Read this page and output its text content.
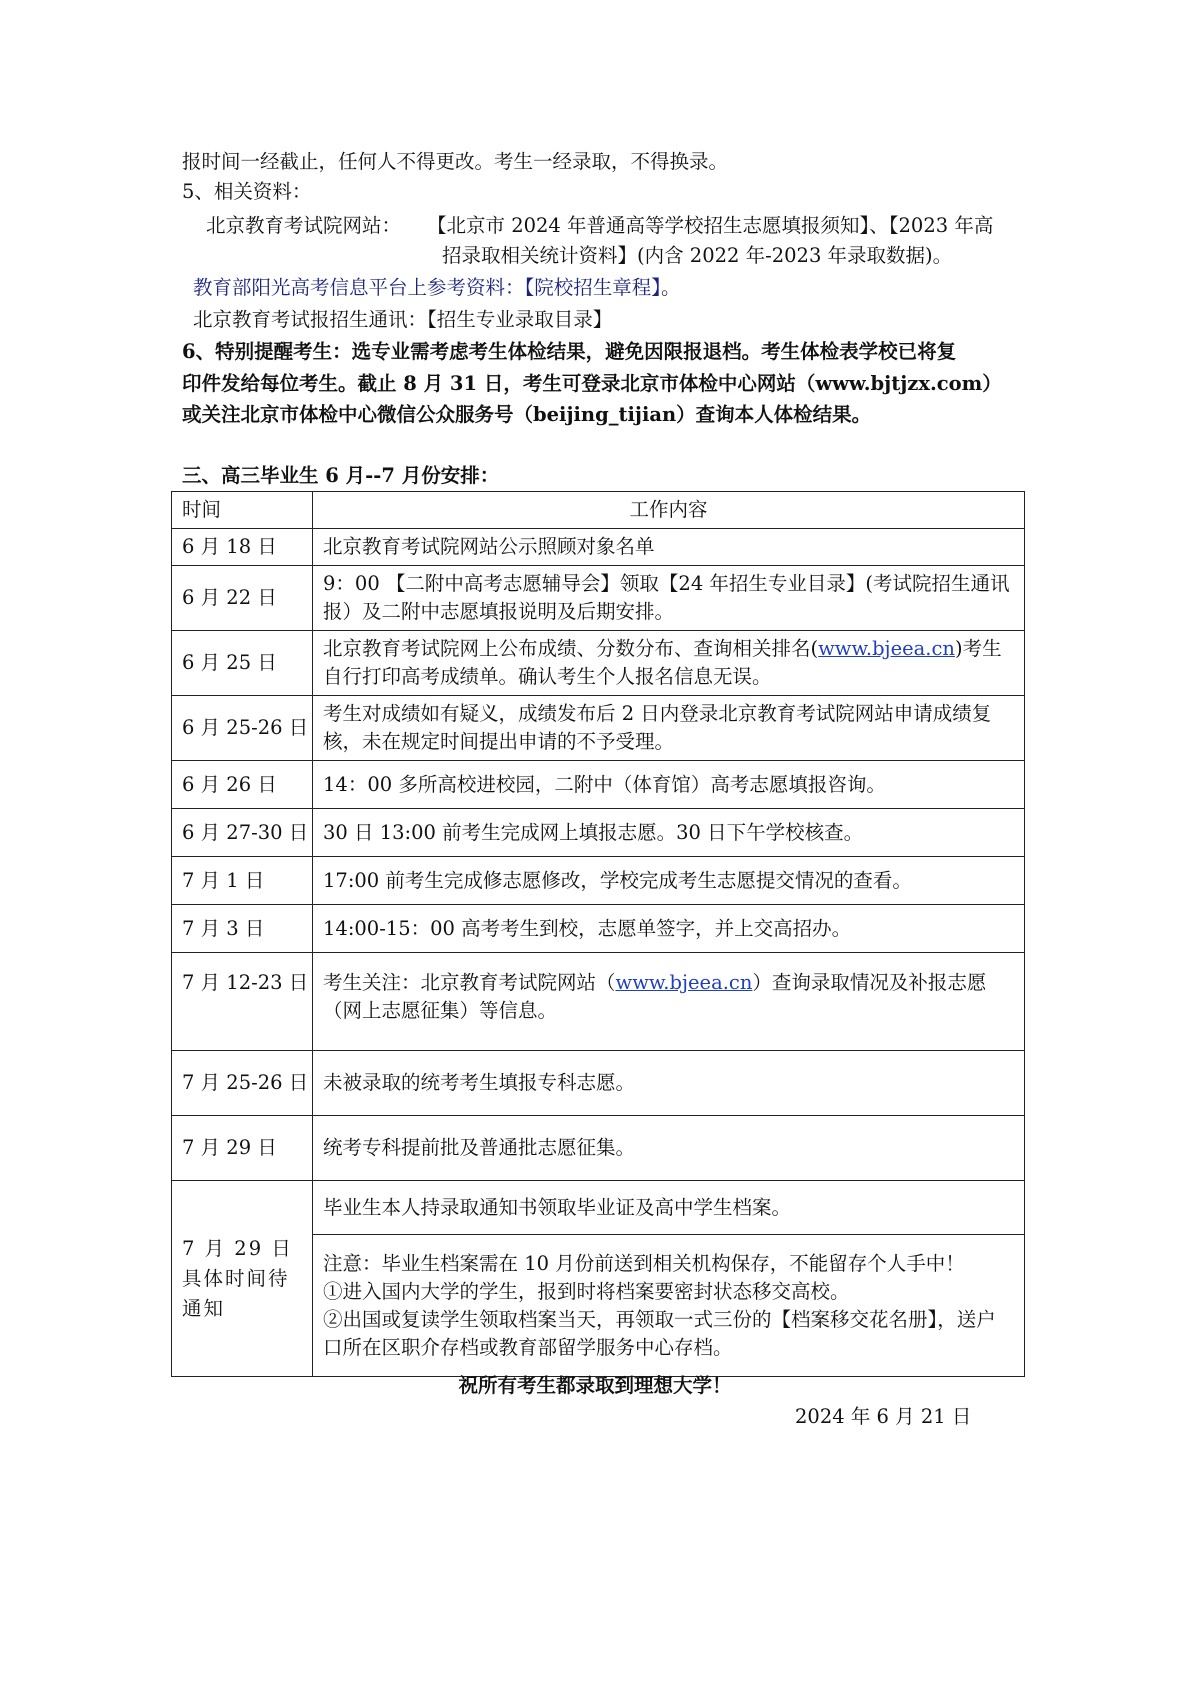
报时间一经截止，任何人不得更改。考生一经录取，不得换录。
5、相关资料：
北京教育考试院网站： 【北京市 2024 年普通高等学校招生志愿填报须知】、【2023 年高
招录取相关统计资料】(内含 2022 年-2023 年录取数据)。
教育部阳光高考信息平台上参考资料：【院校招生章程】。
北京教育考试报招生通讯：【招生专业录取目录】
6、特别提醒考生：选专业需考虑考生体检结果，避免因限报退档。考生体检表学校已将复
印件发给每位考生。截止 8 月 31 日，考生可登录北京市体检中心网站（www.bjtjzx.com）
或关注北京市体检中心微信公众服务号（beijing_tijian）查询本人体检结果。
三、高三毕业生 6 月--7 月份安排：
时间	工作内容
6 月 18 日	北京教育考试院网站公示照顾对象名单
6 月 22 日	9：00 【二附中高考志愿辅导会】领取【24 年招生专业目录】(考试院招生通讯报）及二附中志愿填报说明及后期安排。
6 月 25 日	北京教育考试院网上公布成绩、分数分布、查询相关排名(www.bjeea.cn)考生自行打印高考成绩单。确认考生个人报名信息无误。
6 月 25-26 日	考生对成绩如有疑义，成绩发布后 2 日内登录北京教育考试院网站申请成绩复核，未在规定时间提出申请的不予受理。
6 月 26 日	14：00 多所高校进校园，二附中（体育馆）高考志愿填报咨询。
6 月 27-30 日	30 日 13:00 前考生完成网上填报志愿。30 日下午学校核查。
7 月 1 日	17:00 前考生完成修志愿修改，学校完成考生志愿提交情况的查看。
7 月 3 日	14:00-15：00 高考考生到校，志愿单签字，并上交高招办。
7 月 12-23 日	考生关注：北京教育考试院网站（www.bjeea.cn）查询录取情况及补报志愿（网上志愿征集）等信息。
7 月 25-26 日	未被录取的统考考生填报专科志愿。
7 月 29 日	统考专科提前批及普通批志愿征集。
7 月 29 日具体时间待通知	毕业生本人持录取通知书领取毕业证及高中学生档案。

	注意：毕业生档案需在 10 月份前送到相关机构保存，不能留存个人手中！
①进入国内大学的学生，报到时将档案要密封状态移交高校。
②出国或复读学生领取档案当天，再领取一式三份的【档案移交花名册】，送户口所在区职介存档或教育部留学服务中心存档。
祝所有考生都录取到理想大学！
2024 年 6 月 21 日
